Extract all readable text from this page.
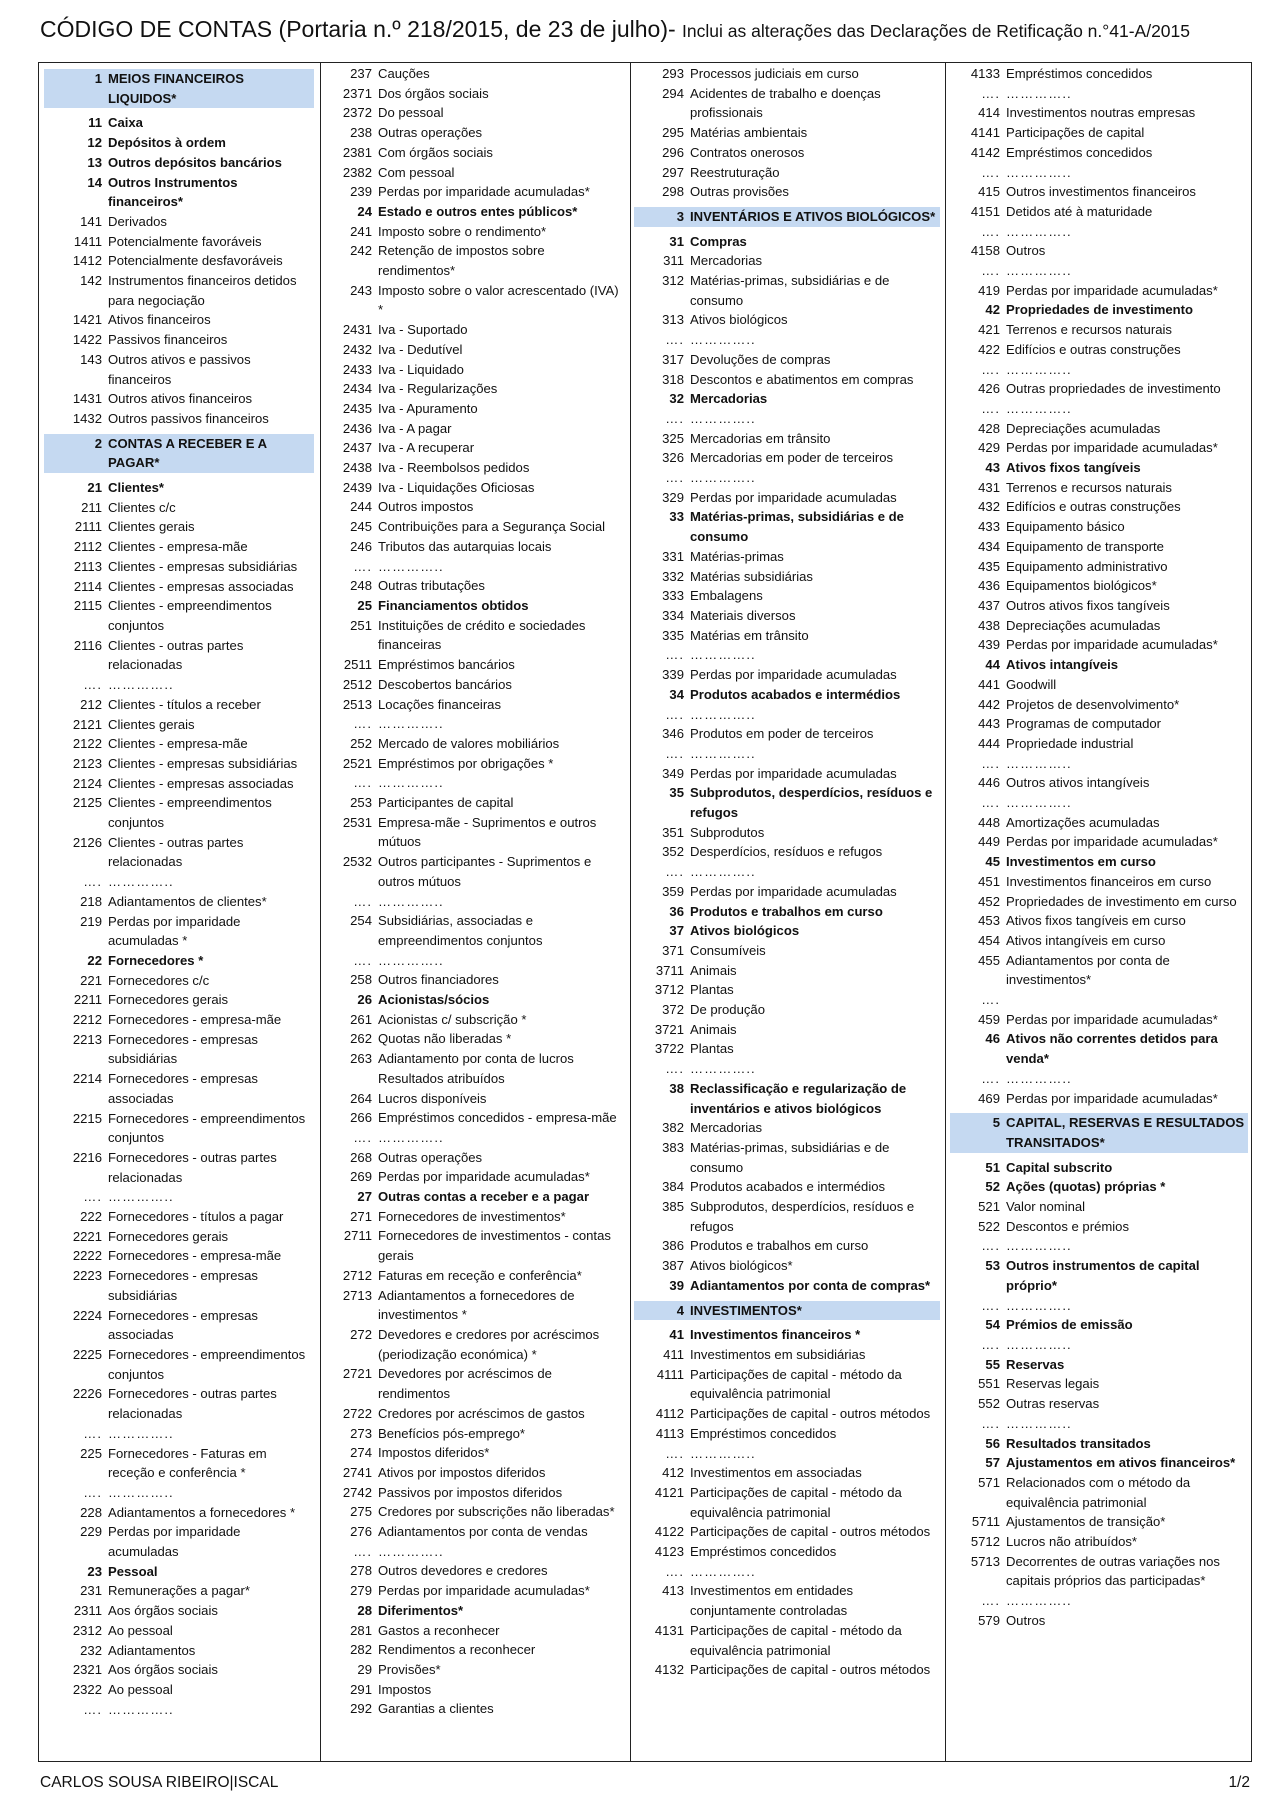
CÓDIGO DE CONTAS (Portaria n.º 218/2015, de 23 de julho)- Inclui as alterações das Declarações de Retificação n.°41-A/2015
1 MEIOS FINANCEIROS LIQUIDOS*
11 Caixa
12 Depósitos à ordem
13 Outros depósitos bancários
14 Outros Instrumentos financeiros*
141 Derivados
1411 Potencialmente favoráveis
1412 Potencialmente desfavoráveis
142 Instrumentos financeiros detidos para negociação
1421 Ativos financeiros
1422 Passivos financeiros
143 Outros ativos e passivos financeiros
1431 Outros ativos financeiros
1432 Outros passivos financeiros
2 CONTAS A RECEBER E A PAGAR*
21 Clientes*
211 Clientes c/c
2111 Clientes gerais
2112 Clientes - empresa-mãe
2113 Clientes - empresas subsidiárias
2114 Clientes - empresas associadas
2115 Clientes - empreendimentos conjuntos
2116 Clientes - outras partes relacionadas
…. …………..
212 Clientes - títulos a receber
2121 Clientes gerais
2122 Clientes - empresa-mãe
2123 Clientes - empresas subsidiárias
2124 Clientes - empresas associadas
2125 Clientes - empreendimentos conjuntos
2126 Clientes - outras partes relacionadas
…. …………..
218 Adiantamentos de clientes*
219 Perdas por imparidade acumuladas *
22 Fornecedores *
221 Fornecedores c/c
2211 Fornecedores gerais
2212 Fornecedores - empresa-mãe
2213 Fornecedores - empresas subsidiárias
2214 Fornecedores - empresas associadas
2215 Fornecedores - empreendimentos conjuntos
2216 Fornecedores - outras partes relacionadas
…. …………..
222 Fornecedores - títulos a pagar
2221 Fornecedores gerais
2222 Fornecedores - empresa-mãe
2223 Fornecedores - empresas subsidiárias
2224 Fornecedores - empresas associadas
2225 Fornecedores - empreendimentos conjuntos
2226 Fornecedores - outras partes relacionadas
…. …………..
225 Fornecedores - Faturas em receção e conferência *
…. …………..
228 Adiantamentos a fornecedores *
229 Perdas por imparidade acumuladas
23 Pessoal
231 Remunerações a pagar*
2311 Aos órgãos sociais
2312 Ao pessoal
232 Adiantamentos
2321 Aos órgãos sociais
2322 Ao pessoal
…. …………..
237 Cauções
2371 Dos órgãos sociais
2372 Do pessoal
238 Outras operações
2381 Com órgãos sociais
2382 Com pessoal
239 Perdas por imparidade acumuladas*
24 Estado e outros entes públicos*
241 Imposto sobre o rendimento*
242 Retenção de impostos sobre rendimentos*
243 Imposto sobre o valor acrescentado (IVA) *
2431 Iva - Suportado
2432 Iva - Dedutível
2433 Iva - Liquidado
2434 Iva - Regularizações
2435 Iva - Apuramento
2436 Iva - A pagar
2437 Iva - A recuperar
2438 Iva - Reembolsos pedidos
2439 Iva - Liquidações Oficiosas
244 Outros impostos
245 Contribuições para a Segurança Social
246 Tributos das autarquias locais
…. …………..
248 Outras tributações
25 Financiamentos obtidos
251 Instituições de crédito e sociedades financeiras
2511 Empréstimos bancários
2512 Descobertos bancários
2513 Locações financeiras
…. …………..
252 Mercado de valores mobiliários
2521 Empréstimos por obrigações *
…. …………..
253 Participantes de capital
2531 Empresa-mãe - Suprimentos e outros mútuos
2532 Outros participantes - Suprimentos e outros mútuos
…. …………..
254 Subsidiárias, associadas e empreendimentos conjuntos
…. …………..
258 Outros financiadores
26 Acionistas/sócios
261 Acionistas c/ subscrição *
262 Quotas não liberadas *
263 Adiantamento por conta de lucros
Resultados atribuídos
264 Lucros disponíveis
266 Empréstimos concedidos - empresa-mãe
…. …………..
268 Outras operações
269 Perdas por imparidade acumuladas*
27 Outras contas a receber e a pagar
271 Fornecedores de investimentos*
2711 Fornecedores de investimentos - contas gerais
2712 Faturas em receção e conferência*
2713 Adiantamentos a fornecedores de investimentos *
272 Devedores e credores por acréscimos (periodização económica) *
2721 Devedores por acréscimos de rendimentos
2722 Credores por acréscimos de gastos
273 Benefícios pós-emprego*
274 Impostos diferidos*
2741 Ativos por impostos diferidos
2742 Passivos por impostos diferidos
275 Credores por subscrições não liberadas*
276 Adiantamentos por conta de vendas
…. …………..
278 Outros devedores e credores
279 Perdas por imparidade acumuladas*
28 Diferimentos*
281 Gastos a reconhecer
282 Rendimentos a reconhecer
29 Provisões*
291 Impostos
292 Garantias a clientes
293 Processos judiciais em curso
294 Acidentes de trabalho e doenças profissionais
295 Matérias ambientais
296 Contratos onerosos
297 Reestruturação
298 Outras provisões
3 INVENTÁRIOS E ATIVOS BIOLÓGICOS*
31 Compras
311 Mercadorias
312 Matérias-primas, subsidiárias e de consumo
313 Ativos biológicos
…. …………..
317 Devoluções de compras
318 Descontos e abatimentos em compras
32 Mercadorias
…. …………..
325 Mercadorias em trânsito
326 Mercadorias em poder de terceiros
…. …………..
329 Perdas por imparidade acumuladas
33 Matérias-primas, subsidiárias e de consumo
331 Matérias-primas
332 Matérias subsidiárias
333 Embalagens
334 Materiais diversos
335 Matérias em trânsito
…. …………..
339 Perdas por imparidade acumuladas
34 Produtos acabados e intermédios
…. …………..
346 Produtos em poder de terceiros
…. …………..
349 Perdas por imparidade acumuladas
35 Subprodutos, desperdícios, resíduos e refugos
351 Subprodutos
352 Desperdícios, resíduos e refugos
…. …………..
359 Perdas por imparidade acumuladas
36 Produtos e trabalhos em curso
37 Ativos biológicos
371 Consumíveis
3711 Animais
3712 Plantas
372 De produção
3721 Animais
3722 Plantas
…. …………..
38 Reclassificação e regularização de inventários e ativos biológicos
382 Mercadorias
383 Matérias-primas, subsidiárias e de consumo
384 Produtos acabados e intermédios
385 Subprodutos, desperdícios, resíduos e refugos
386 Produtos e trabalhos em curso
387 Ativos biológicos*
39 Adiantamentos por conta de compras*
4 INVESTIMENTOS*
41 Investimentos financeiros *
411 Investimentos em subsidiárias
4111 Participações de capital - método da equivalência patrimonial
4112 Participações de capital - outros métodos
4113 Empréstimos concedidos
…. …………..
412 Investimentos em associadas
4121 Participações de capital - método da equivalência patrimonial
4122 Participações de capital - outros métodos
4123 Empréstimos concedidos
…. …………..
413 Investimentos em entidades conjuntamente controladas
4131 Participações de capital - método da equivalência patrimonial
4132 Participações de capital - outros métodos
4133 Empréstimos concedidos
…. …………..
414 Investimentos noutras empresas
4141 Participações de capital
4142 Empréstimos concedidos
…. …………..
415 Outros investimentos financeiros
4151 Detidos até à maturidade
…. …………..
4158 Outros
…. …………..
419 Perdas por imparidade acumuladas*
42 Propriedades de investimento
421 Terrenos e recursos naturais
422 Edifícios e outras construções
…. …………..
426 Outras propriedades de investimento
…. …………..
428 Depreciações acumuladas
429 Perdas por imparidade acumuladas*
43 Ativos fixos tangíveis
431 Terrenos e recursos naturais
432 Edifícios e outras construções
433 Equipamento básico
434 Equipamento de transporte
435 Equipamento administrativo
436 Equipamentos biológicos*
437 Outros ativos fixos tangíveis
438 Depreciações acumuladas
439 Perdas por imparidade acumuladas*
44 Ativos intangíveis
441 Goodwill
442 Projetos de desenvolvimento*
443 Programas de computador
444 Propriedade industrial
…. …………..
446 Outros ativos intangíveis
…. …………..
448 Amortizações acumuladas
449 Perdas por imparidade acumuladas*
45 Investimentos em curso
451 Investimentos financeiros em curso
452 Propriedades de investimento em curso
453 Ativos fixos tangíveis em curso
454 Ativos intangíveis em curso
455 Adiantamentos por conta de investimentos*
….
459 Perdas por imparidade acumuladas*
46 Ativos não correntes detidos para venda*
…. …………..
469 Perdas por imparidade acumuladas*
5 CAPITAL, RESERVAS E RESULTADOS TRANSITADOS*
51 Capital subscrito
52 Ações (quotas) próprias *
521 Valor nominal
522 Descontos e prémios
…. …………..
53 Outros instrumentos de capital próprio*
…. …………..
54 Prémios de emissão
…. …………..
55 Reservas
551 Reservas legais
552 Outras reservas
…. …………..
56 Resultados transitados
57 Ajustamentos em ativos financeiros*
571 Relacionados com o método da equivalência patrimonial
5711 Ajustamentos de transição*
5712 Lucros não atribuídos*
5713 Decorrentes de outras variações nos capitais próprios das participadas*
…. …………..
579 Outros
CARLOS SOUSA RIBEIRO|ISCAL	1/2
